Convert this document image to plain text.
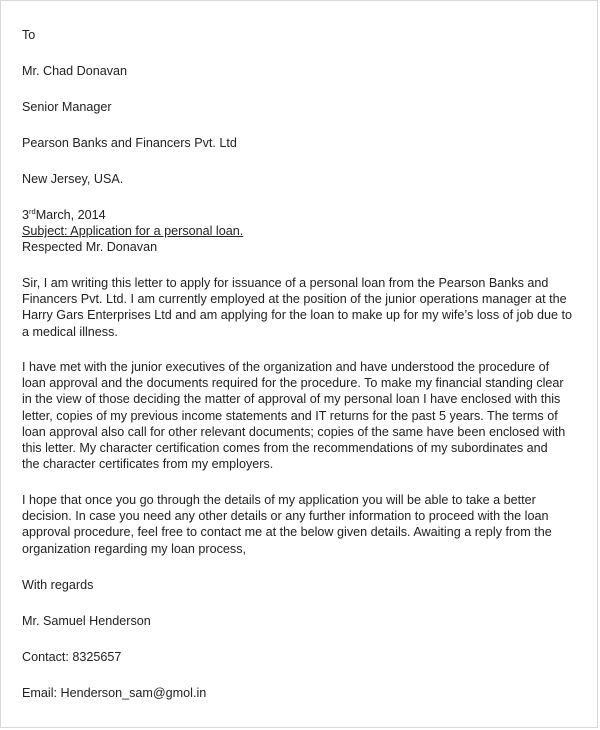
To
Mr. Chad Donavan
Senior Manager
Pearson Banks and Financers Pvt. Ltd
New Jersey, USA.
3rdMarch, 2014
Subject: Application for a personal loan.
Respected Mr. Donavan
Sir, I am writing this letter to apply for issuance of a personal loan from the Pearson Banks and
Financers Pvt. Ltd. I am currently employed at the position of the junior operations manager at the
Harry Gars Enterprises Ltd and am applying for the loan to make up for my wife’s loss of job due to
a medical illness.
I have met with the junior executives of the organization and have understood the procedure of
loan approval and the documents required for the procedure. To make my financial standing clear
in the view of those deciding the matter of approval of my personal loan I have enclosed with this
letter, copies of my previous income statements and IT returns for the past 5 years. The terms of
loan approval also call for other relevant documents; copies of the same have been enclosed with
this letter. My character certification comes from the recommendations of my subordinates and
the character certificates from my employers.
I hope that once you go through the details of my application you will be able to take a better
decision. In case you need any other details or any further information to proceed with the loan
approval procedure, feel free to contact me at the below given details. Awaiting a reply from the
organization regarding my loan process,
With regards
Mr. Samuel Henderson
Contact: 8325657
Email: Henderson_sam@gmol.in
